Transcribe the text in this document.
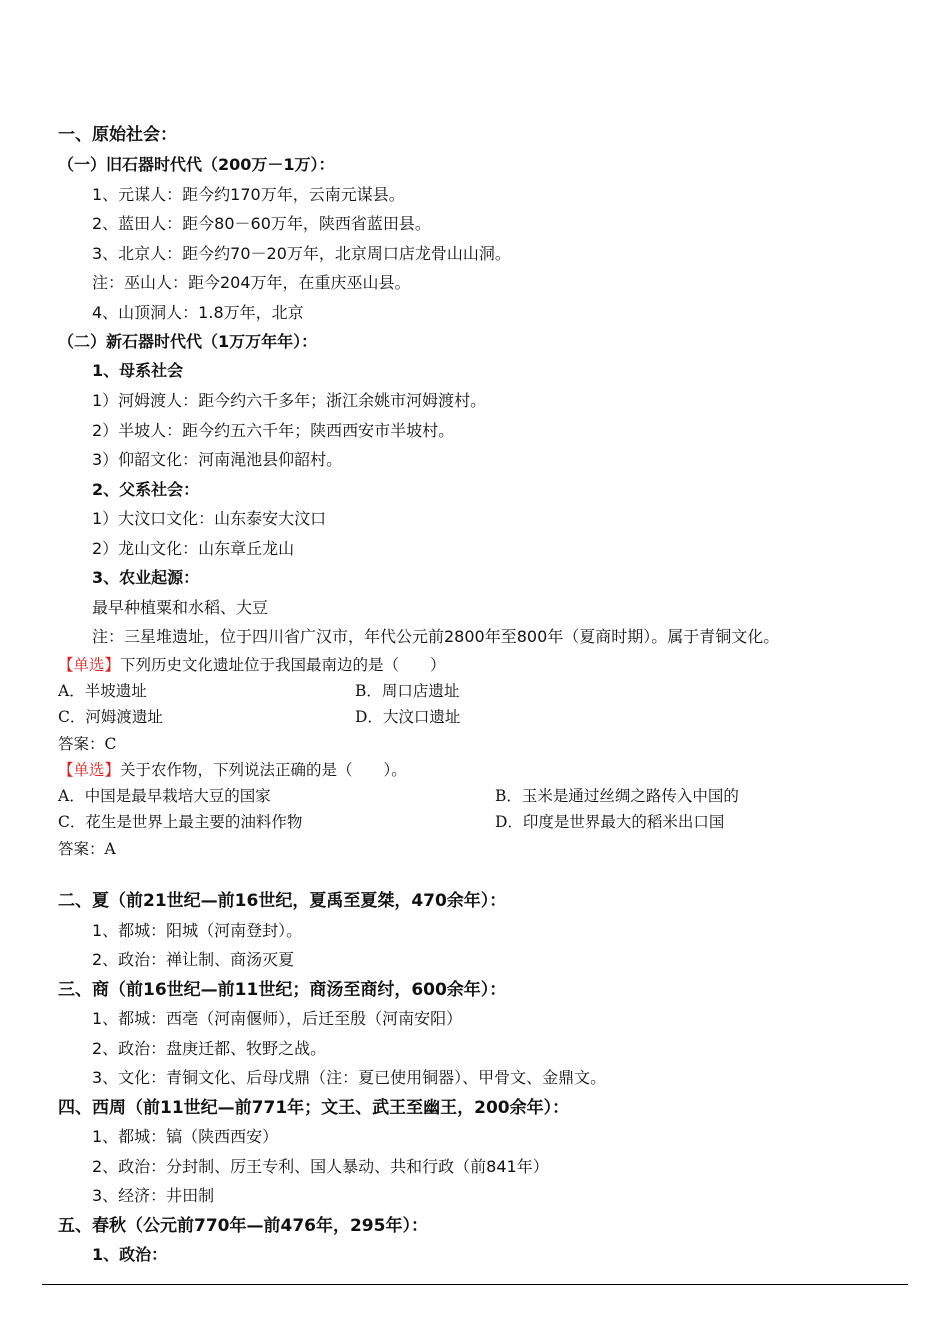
一、原始社会：
（一）旧石器时代代（200万－1万）：
1、元谋人：距今约170万年，云南元谋县。
2、蓝田人：距今80－60万年，陕西省蓝田县。
3、北京人：距今约70－20万年，北京周口店龙骨山山洞。
注：巫山人：距今204万年，在重庆巫山县。
4、山顶洞人：1.8万年，北京
（二）新石器时代代（1万万年年）：
1、母系社会
1）河姆渡人：距今约六千多年；浙江余姚市河姆渡村。
2）半坡人：距今约五六千年；陕西西安市半坡村。
3）仰韶文化：河南渑池县仰韶村。
2、父系社会：
1）大汶口文化：山东泰安大汶口
2）龙山文化：山东章丘龙山
3、农业起源：
最早种植粟和水稻、大豆
注：三星堆遗址，位于四川省广汉市，年代公元前2800年至800年（夏商时期）。属于青铜文化。
【单选】下列历史文化遗址位于我国最南边的是（　　）
A．半坡遗址	B．周口店遗址
C．河姆渡遗址	D．大汶口遗址
答案：C
【单选】关于农作物，下列说法正确的是（　　）。
A．中国是最早栽培大豆的国家	B．玉米是通过丝绸之路传入中国的
C．花生是世界上最主要的油料作物	D．印度是世界最大的稻米出口国
答案：A
二、夏（前21世纪—前16世纪，夏禹至夏桀，470余年）：
1、都城：阳城（河南登封）。
2、政治：禅让制、商汤灭夏
三、商（前16世纪—前11世纪；商汤至商纣，600余年）：
1、都城：西亳（河南偃师），后迁至殷（河南安阳）
2、政治：盘庚迁都、牧野之战。
3、文化：青铜文化、后母戊鼎（注：夏已使用铜器）、甲骨文、金鼎文。
四、西周（前11世纪—前771年；文王、武王至幽王，200余年）：
1、都城：镐（陕西西安）
2、政治：分封制、厉王专利、国人暴动、共和行政（前841年）
3、经济：井田制
五、春秋（公元前770年—前476年，295年）：
1、政治：
